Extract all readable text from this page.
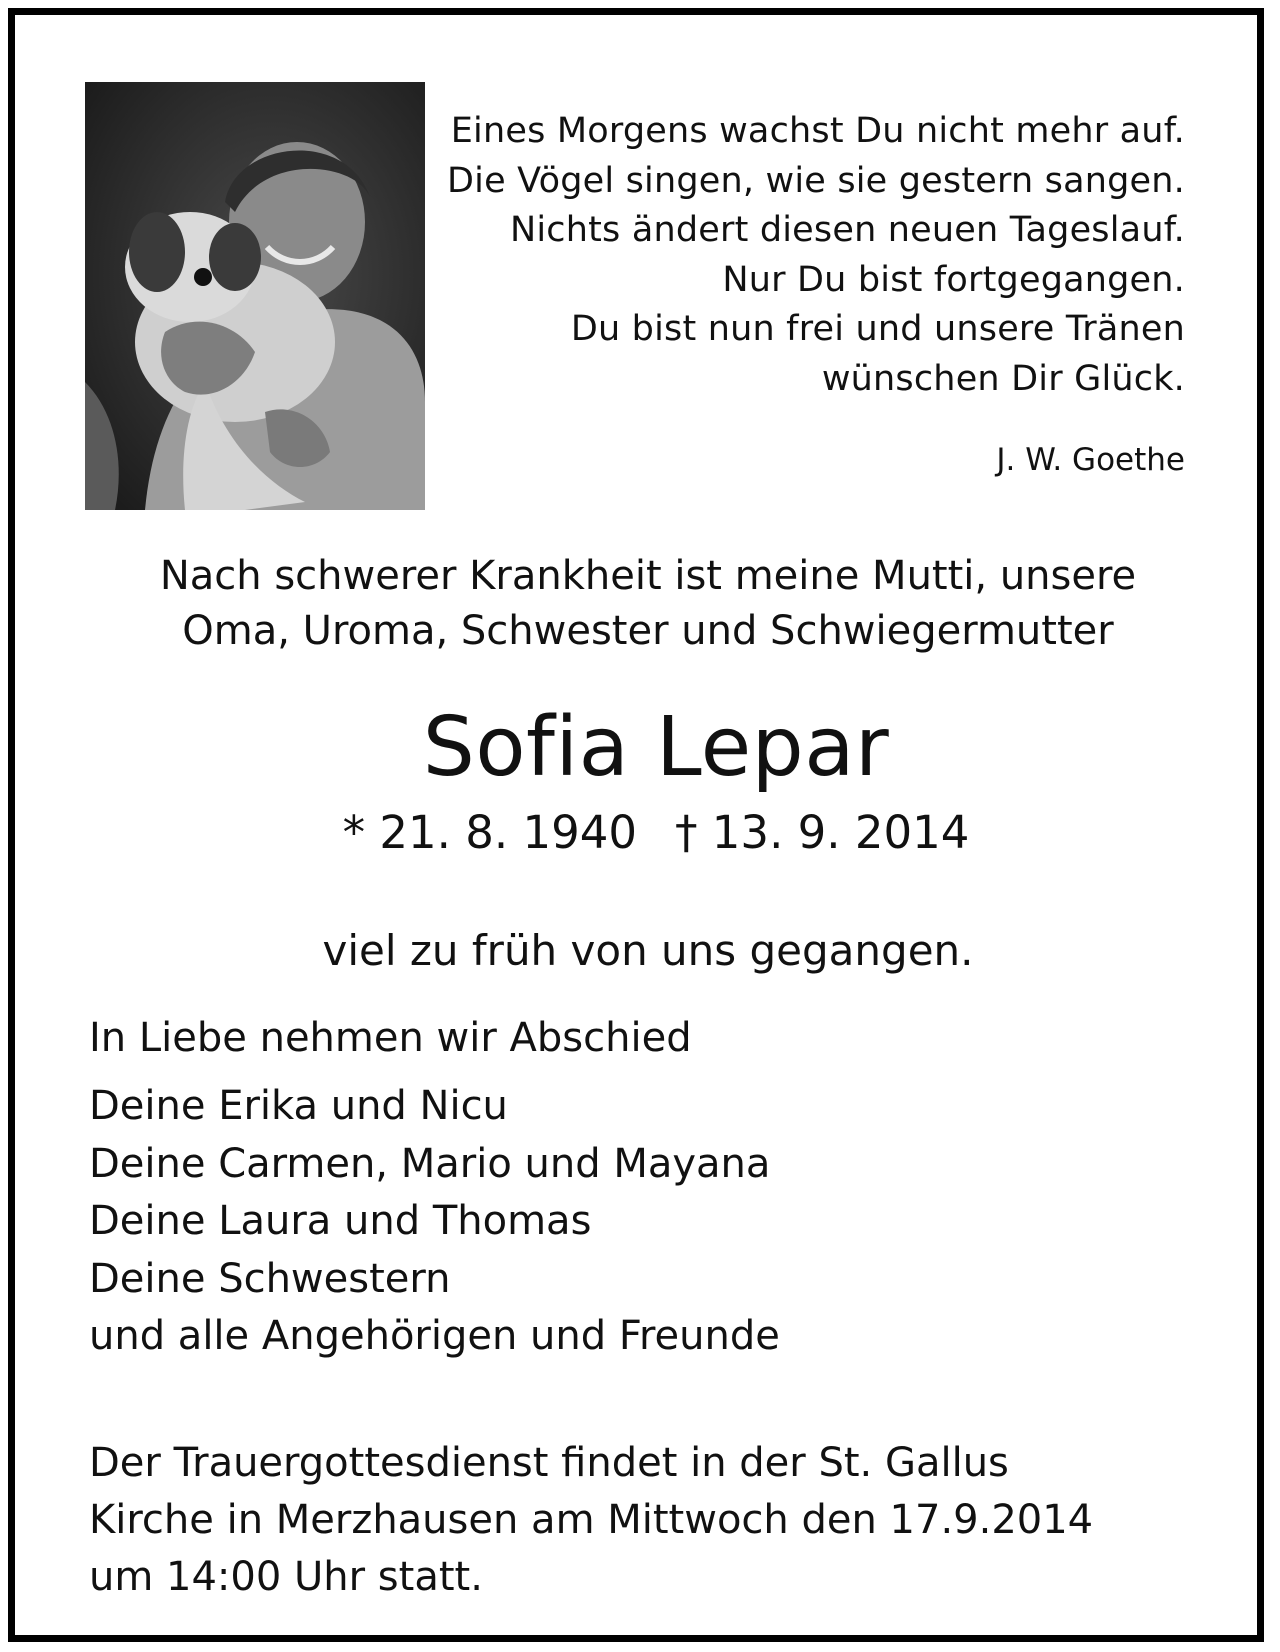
Eines Morgens wachst Du nicht mehr auf.
Die Vögel singen, wie sie gestern sangen.
Nichts ändert diesen neuen Tageslauf.
Nur Du bist fortgegangen.
Du bist nun frei und unsere Tränen
wünschen Dir Glück.
J. W. Goethe
Nach schwerer Krankheit ist meine Mutti, unsere
Oma, Uroma, Schwester und Schwiegermutter
Sofia Lepar
* 21. 8. 1940 † 13. 9. 2014
viel zu früh von uns gegangen.
In Liebe nehmen wir Abschied
Deine Erika und Nicu
Deine Carmen, Mario und Mayana
Deine Laura und Thomas
Deine Schwestern
und alle Angehörigen und Freunde
Der Trauergottesdienst findet in der St. Gallus
Kirche in Merzhausen am Mittwoch den 17.9.2014
um 14:00 Uhr statt.
